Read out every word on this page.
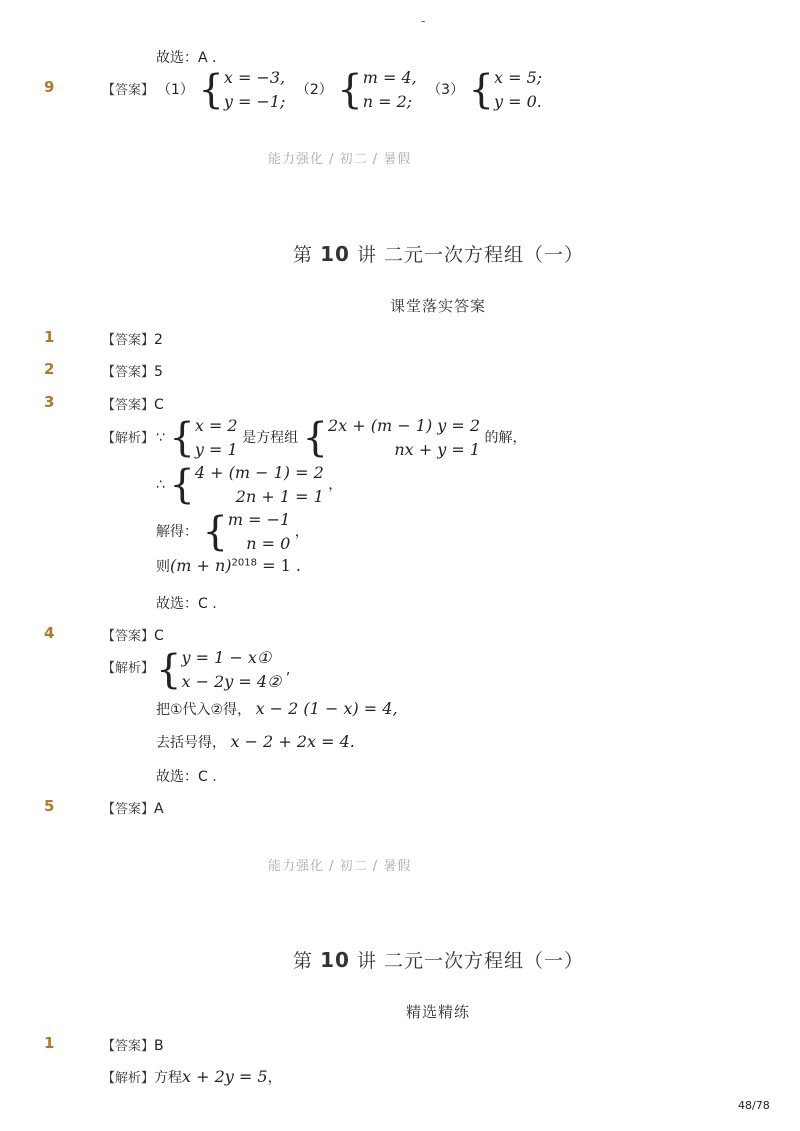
-
故选：A .
9	【答案】 （1） { x = −3,
y = −1;
（2） { m = 4,
n = 2;
（3） { x = 5;
y = 0.
能力强化 / 初二 / 暑假
第 10 讲 二元一次方程组（一）
课堂落实答案
1	【答案】2
2	【答案】5
3	【答案】C
【解析】 ∵ { x = 2
y = 1
是方程组 { 2x + (m − 1) y = 2
nx + y = 1
的解，
∴ { 4 + (m − 1) = 2
2n + 1 = 1
，
解得： { m = −1
n = 0
，
则$(m + n)^{2018} = 1$ .
故选：C .
4	【答案】C
【解析】 { y = 1 − x①
x − 2y = 4②
,
把①代入②得， x − 2 (1 − x) = 4,
去括号得， x − 2 + 2x = 4.
故选：C .
5	【答案】A
能力强化 / 初二 / 暑假
第 10 讲 二元一次方程组（一）
精选精练
1	【答案】B
【解析】方程x + 2y = 5，
48/78
